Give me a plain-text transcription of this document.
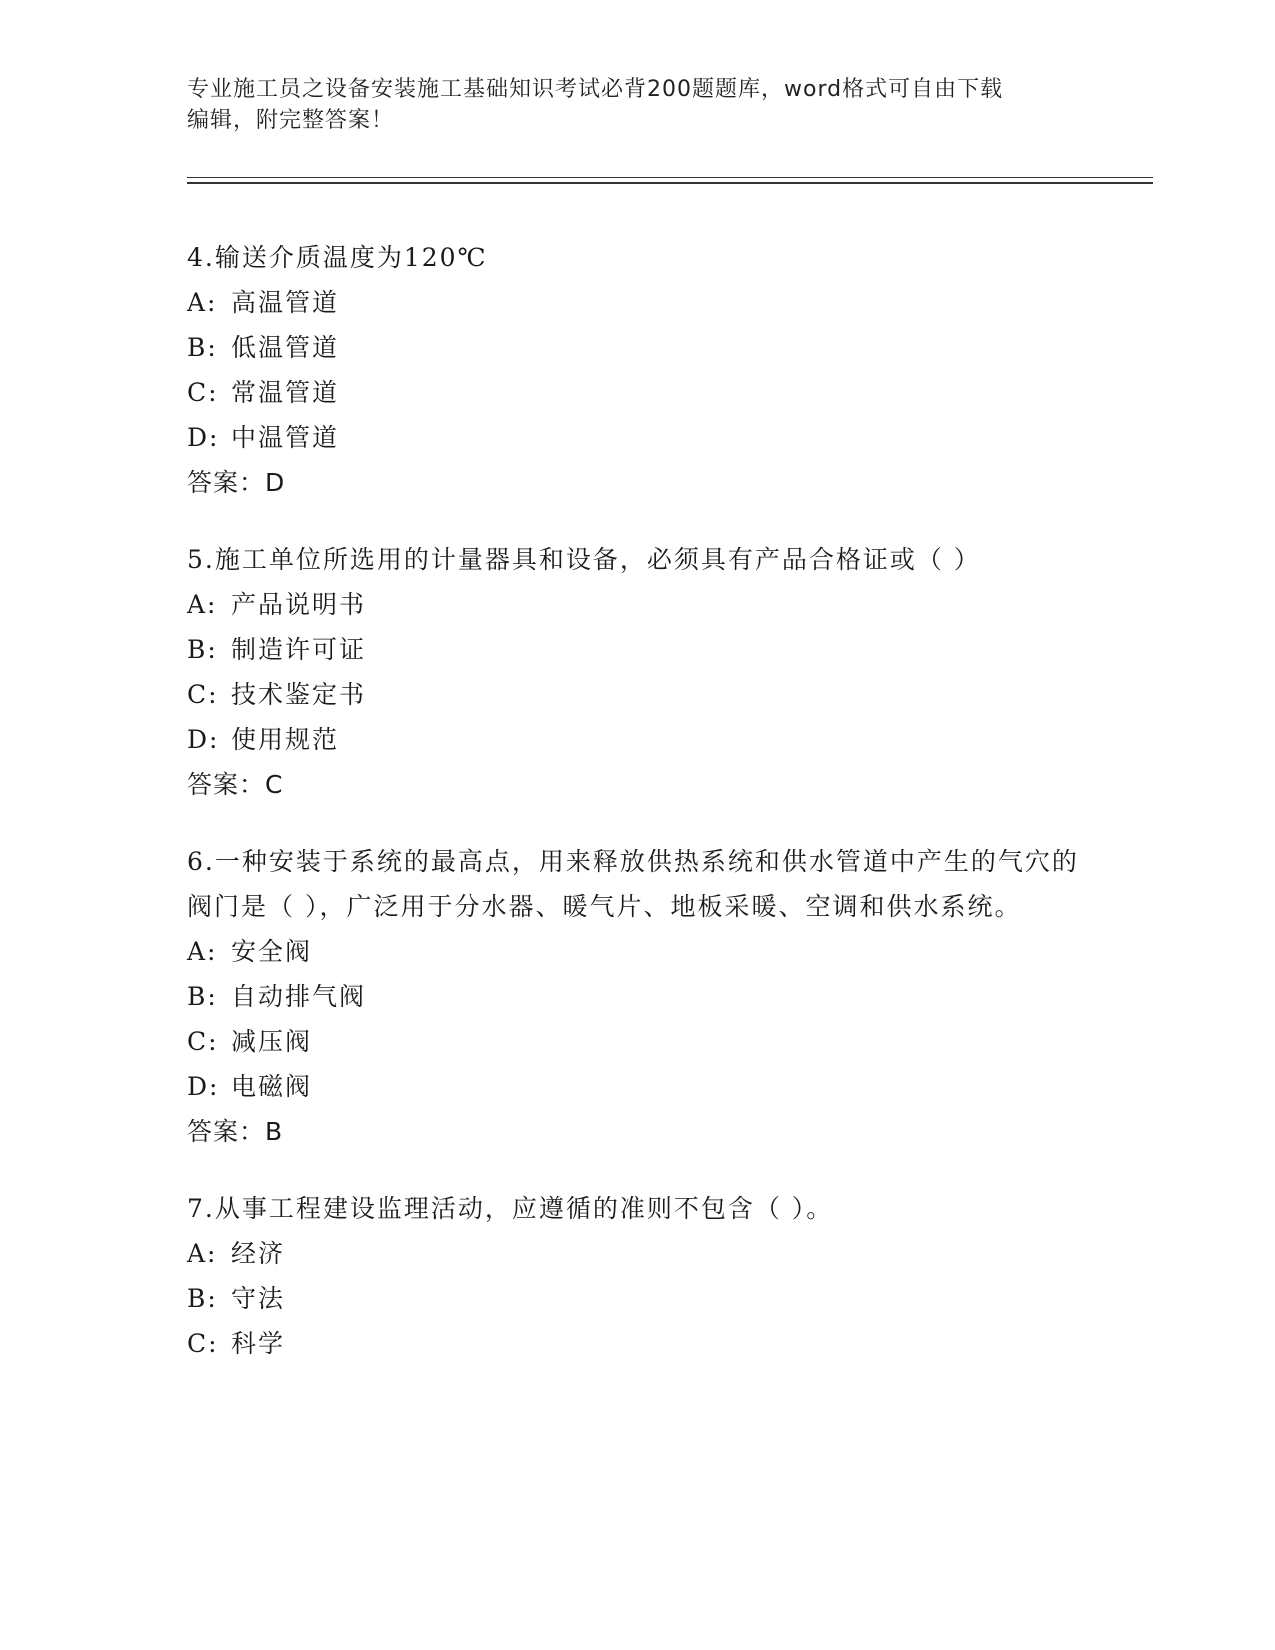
专业施工员之设备安装施工基础知识考试必背200题题库，word格式可自由下载
编辑，附完整答案！
4.输送介质温度为120℃
A: 高温管道
B: 低温管道
C: 常温管道
D: 中温管道
答案：D
5.施工单位所选用的计量器具和设备，必须具有产品合格证或（ ）
A: 产品说明书
B: 制造许可证
C: 技术鉴定书
D: 使用规范
答案：C
6.一种安装于系统的最高点，用来释放供热系统和供水管道中产生的气穴的阀门是（ ），广泛用于分水器、暖气片、地板采暖、空调和供水系统。
A: 安全阀
B: 自动排气阀
C: 减压阀
D: 电磁阀
答案：B
7.从事工程建设监理活动，应遵循的准则不包含（ ）。
A: 经济
B: 守法
C: 科学
